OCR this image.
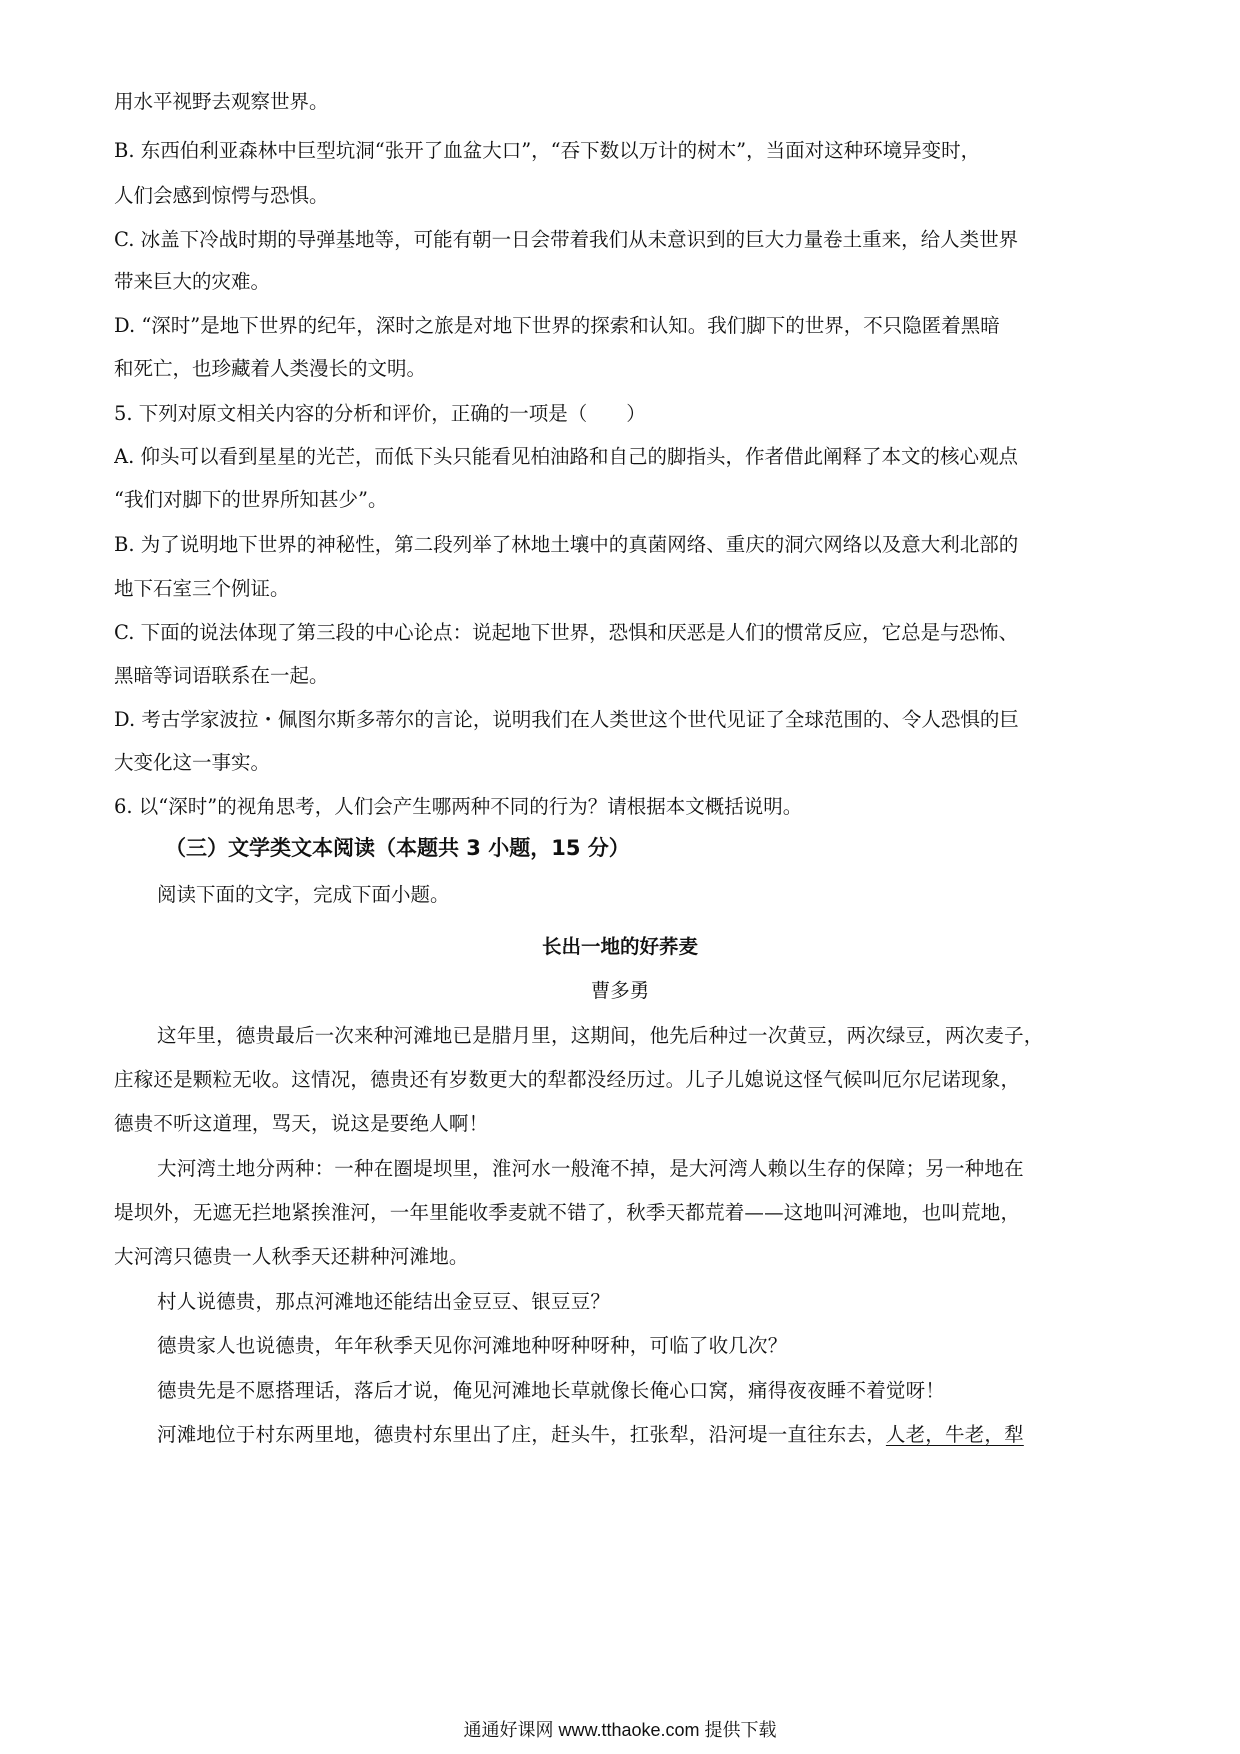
用水平视野去观察世界。
B. 东西伯利亚森林中巨型坑洞“张开了血盆大口”，“吞下数以万计的树木”，当面对这种环境异变时，
人们会感到惊愕与恐惧。
C. 冰盖下冷战时期的导弹基地等，可能有朝一日会带着我们从未意识到的巨大力量卷土重来，给人类世界
带来巨大的灾难。
D. “深时”是地下世界的纪年，深时之旅是对地下世界的探索和认知。我们脚下的世界，不只隐匿着黑暗
和死亡，也珍藏着人类漫长的文明。
5. 下列对原文相关内容的分析和评价，正确的一项是（　　）
A. 仰头可以看到星星的光芒，而低下头只能看见柏油路和自己的脚指头，作者借此阐释了本文的核心观点
“我们对脚下的世界所知甚少”。
B. 为了说明地下世界的神秘性，第二段列举了林地土壤中的真菌网络、重庆的洞穴网络以及意大利北部的
地下石室三个例证。
C. 下面的说法体现了第三段的中心论点：说起地下世界，恐惧和厌恶是人们的惯常反应，它总是与恐怖、
黑暗等词语联系在一起。
D. 考古学家波拉・佩图尔斯多蒂尔的言论，说明我们在人类世这个世代见证了全球范围的、令人恐惧的巨
大变化这一事实。
6. 以“深时”的视角思考，人们会产生哪两种不同的行为？请根据本文概括说明。
（三）文学类文本阅读（本题共 3 小题，15 分）
阅读下面的文字，完成下面小题。
长出一地的好荞麦
曹多勇
这年里，德贵最后一次来种河滩地已是腊月里，这期间，他先后种过一次黄豆，两次绿豆，两次麦子，
庄稼还是颗粒无收。这情况，德贵还有岁数更大的犁都没经历过。儿子儿媳说这怪气候叫厄尔尼诺现象，
德贵不听这道理，骂天，说这是要绝人啊！
大河湾土地分两种：一种在圈堤坝里，淮河水一般淹不掉，是大河湾人赖以生存的保障；另一种地在
堤坝外，无遮无拦地紧挨淮河，一年里能收季麦就不错了，秋季天都荒着——这地叫河滩地，也叫荒地，
大河湾只德贵一人秋季天还耕种河滩地。
村人说德贵，那点河滩地还能结出金豆豆、银豆豆？
德贵家人也说德贵，年年秋季天见你河滩地种呀种呀种，可临了收几次？
德贵先是不愿搭理话，落后才说，俺见河滩地长草就像长俺心口窝，痛得夜夜睡不着觉呀！
河滩地位于村东两里地，德贵村东里出了庄，赶头牛，扛张犁，沿河堤一直往东去，人老，牛老，犁
通通好课网 www.tthaoke.com 提供下载
